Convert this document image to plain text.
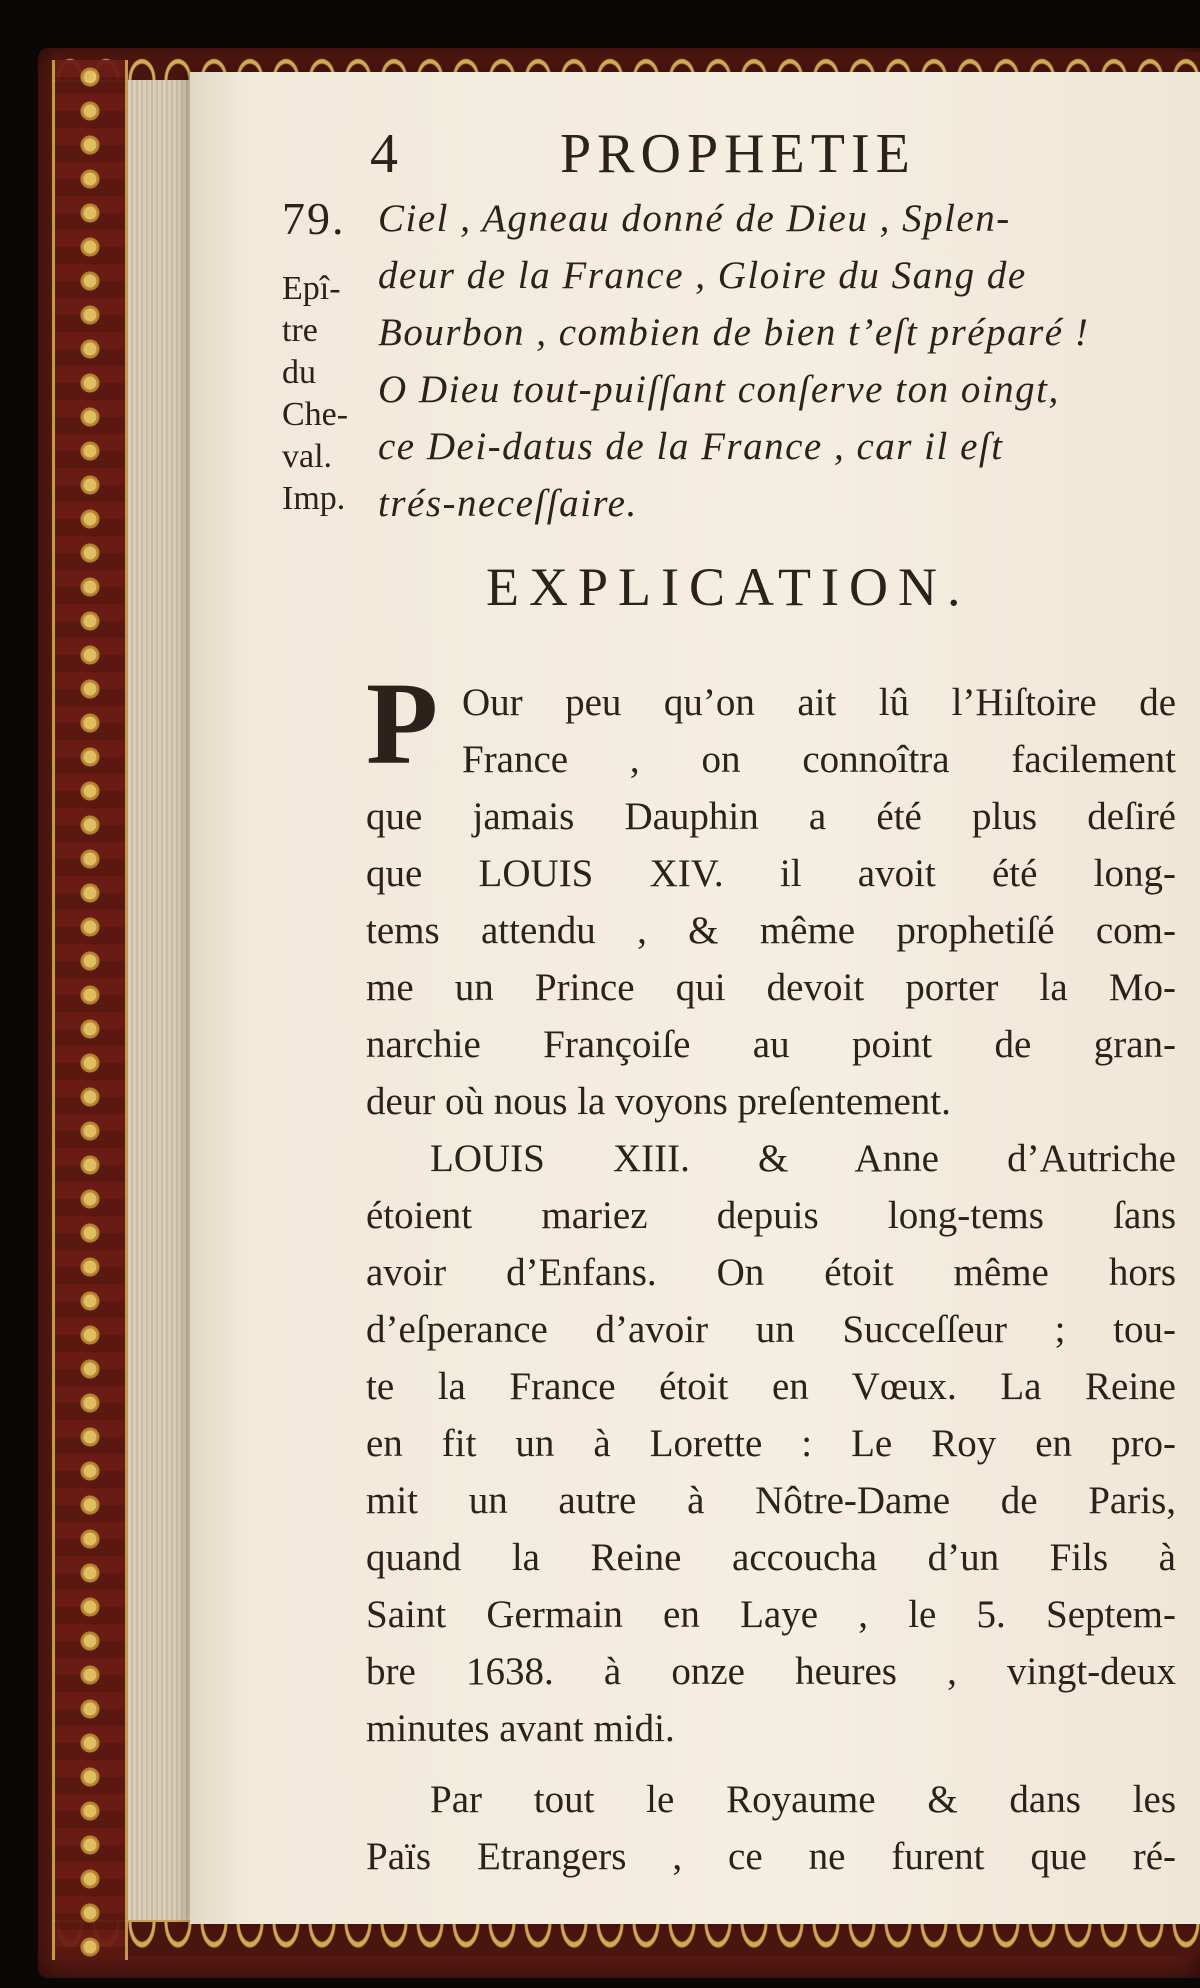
4	PROPHETIE
79.
Epî-
tre
du
Che-
val.
Imp.
Ciel , Agneau donné de Dieu , Splen-
deur de la France , Gloire du Sang de
Bourbon , combien de bien t’eſt préparé !
O Dieu tout-puiſſant conſerve ton oingt,
ce Dei-datus de la France , car il eſt
trés-neceſſaire.
EXPLICATION.
P Our peu qu’on ait lû l’Hiſtoire de
France , on connoîtra facilement
que jamais Dauphin a été plus deſiré
que LOUIS XIV. il avoit été long-
tems attendu , & même prophetiſé com-
me un Prince qui devoit porter la Mo-
narchie Françoiſe au point de gran-
deur où nous la voyons preſentement.
LOUIS XIII. & Anne d’Autriche
étoient mariez depuis long-tems ſans
avoir d’Enfans. On étoit même hors
d’eſperance d’avoir un Succeſſeur ; tou-
te la France étoit en Vœux. La Reine
en fit un à Lorette : Le Roy en pro-
mit un autre à Nôtre-Dame de Paris,
quand la Reine accoucha d’un Fils à
Saint Germain en Laye , le 5. Septem-
bre 1638. à onze heures , vingt-deux
minutes avant midi.
Par tout le Royaume & dans les
Païs Etrangers , ce ne furent que ré-
